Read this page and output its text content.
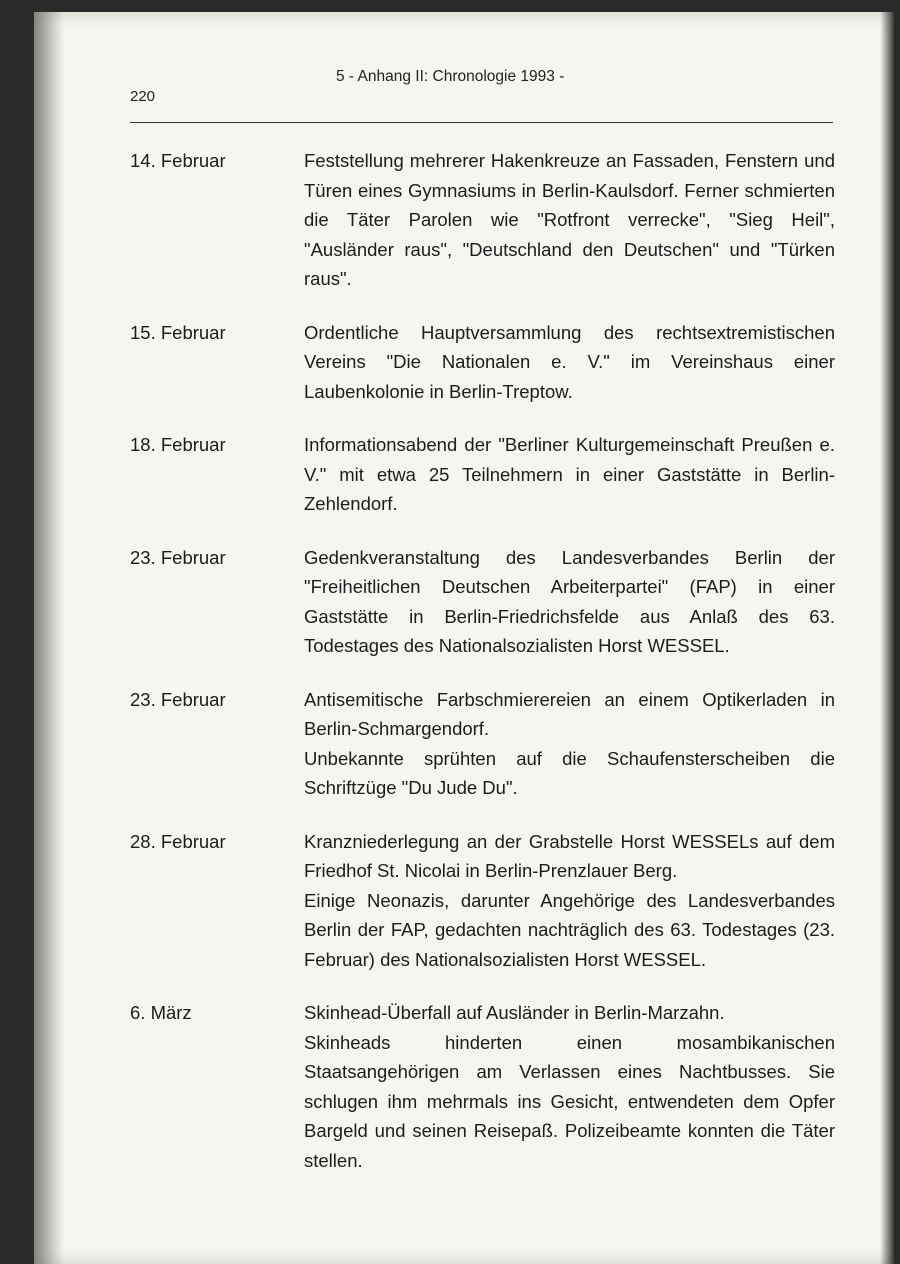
220
5 - Anhang II: Chronologie 1993 -
14. Februar	Feststellung mehrerer Hakenkreuze an Fassaden, Fenstern und Türen eines Gymnasiums in Berlin-Kaulsdorf. Ferner schmierten die Täter Parolen wie "Rotfront verrecke", "Sieg Heil", "Ausländer raus", "Deutschland den Deutschen" und "Türken raus".
15. Februar	Ordentliche Hauptversammlung des rechtsextremistischen Vereins "Die Nationalen e. V." im Vereinshaus einer Laubenkolonie in Berlin-Treptow.
18. Februar	Informationsabend der "Berliner Kulturgemeinschaft Preußen e. V." mit etwa 25 Teilnehmern in einer Gaststätte in Berlin-Zehlendorf.
23. Februar	Gedenkveranstaltung des Landesverbandes Berlin der "Freiheitlichen Deutschen Arbeiterpartei" (FAP) in einer Gaststätte in Berlin-Friedrichsfelde aus Anlaß des 63. Todestages des Nationalsozialisten Horst WESSEL.
23. Februar	Antisemitische Farbschmierereien an einem Optikerladen in Berlin-Schmargendorf.
Unbekannte sprühten auf die Schaufensterscheiben die Schriftzüge "Du Jude Du".
28. Februar	Kranzniederlegung an der Grabstelle Horst WESSELs auf dem Friedhof St. Nicolai in Berlin-Prenzlauer Berg.
Einige Neonazis, darunter Angehörige des Landesverbandes Berlin der FAP, gedachten nachträglich des 63. Todestages (23. Februar) des Nationalsozialisten Horst WESSEL.
6. März	Skinhead-Überfall auf Ausländer in Berlin-Marzahn.
Skinheads hinderten einen mosambikanischen Staatsangehörigen am Verlassen eines Nachtbusses. Sie schlugen ihm mehrmals ins Gesicht, entwendeten dem Opfer Bargeld und seinen Reisepaß. Polizeibeamte konnten die Täter stellen.
